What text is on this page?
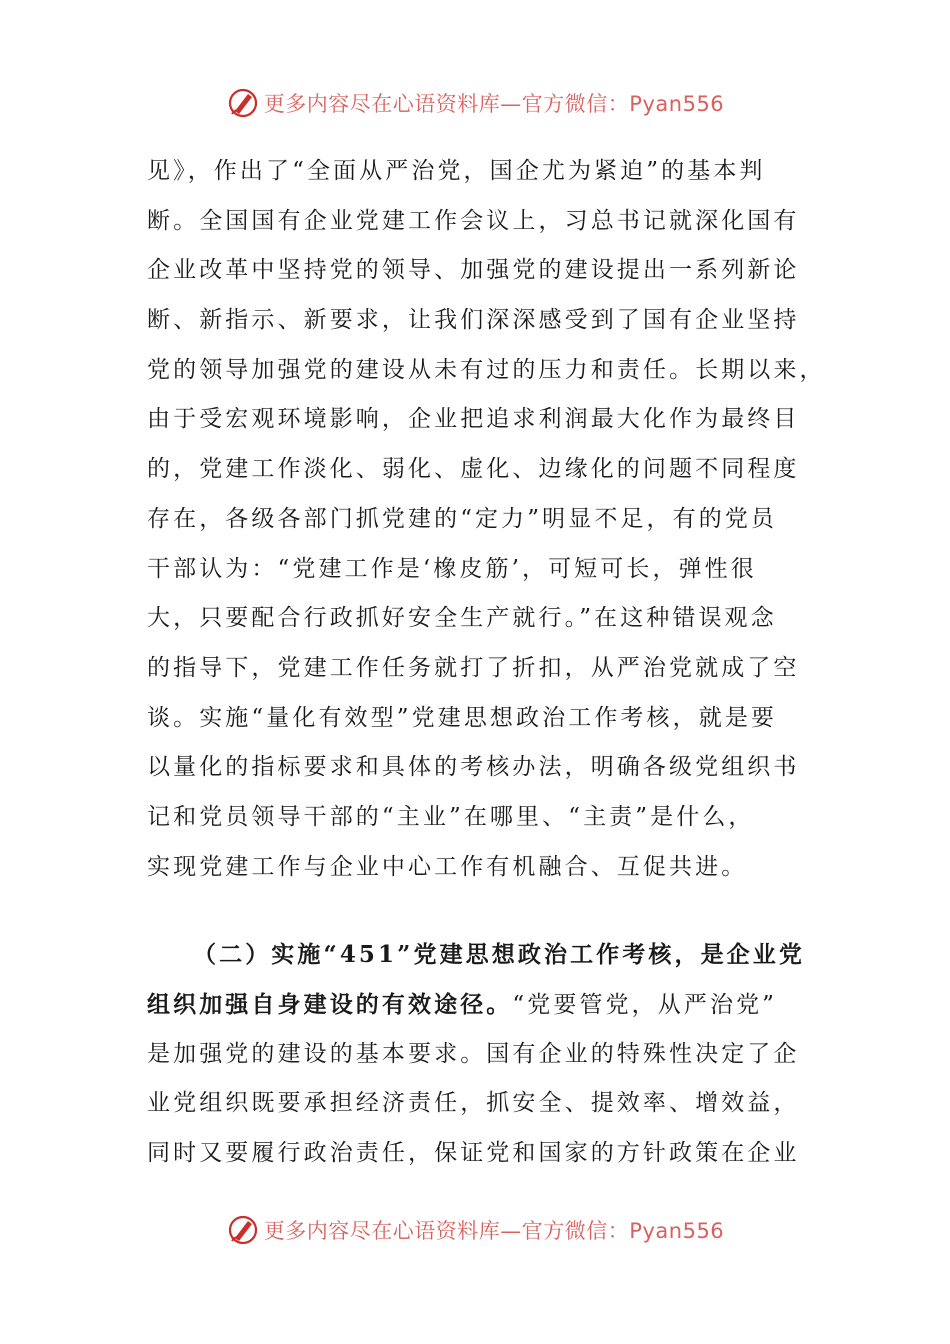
更多内容尽在心语资料库—官方微信：Pyan556
见》，作出了“全面从严治党，国企尤为紧迫”的基本判
断。全国国有企业党建工作会议上，习总书记就深化国有
企业改革中坚持党的领导、加强党的建设提出一系列新论
断、新指示、新要求，让我们深深感受到了国有企业坚持
党的领导加强党的建设从未有过的压力和责任。长期以来，
由于受宏观环境影响，企业把追求利润最大化作为最终目
的，党建工作淡化、弱化、虚化、边缘化的问题不同程度
存在，各级各部门抓党建的“定力”明显不足，有的党员
干部认为：“党建工作是‘橡皮筋’，可短可长，弹性很
大，只要配合行政抓好安全生产就行。”在这种错误观念
的指导下，党建工作任务就打了折扣，从严治党就成了空
谈。实施“量化有效型”党建思想政治工作考核，就是要
以量化的指标要求和具体的考核办法，明确各级党组织书
记和党员领导干部的“主业”在哪里、“主责”是什么，
实现党建工作与企业中心工作有机融合、互促共进。
（二）实施“451”党建思想政治工作考核，是企业党
组织加强自身建设的有效途径。“党要管党，从严治党”
是加强党的建设的基本要求。国有企业的特殊性决定了企
业党组织既要承担经济责任，抓安全、提效率、增效益，
同时又要履行政治责任，保证党和国家的方针政策在企业
更多内容尽在心语资料库—官方微信：Pyan556
